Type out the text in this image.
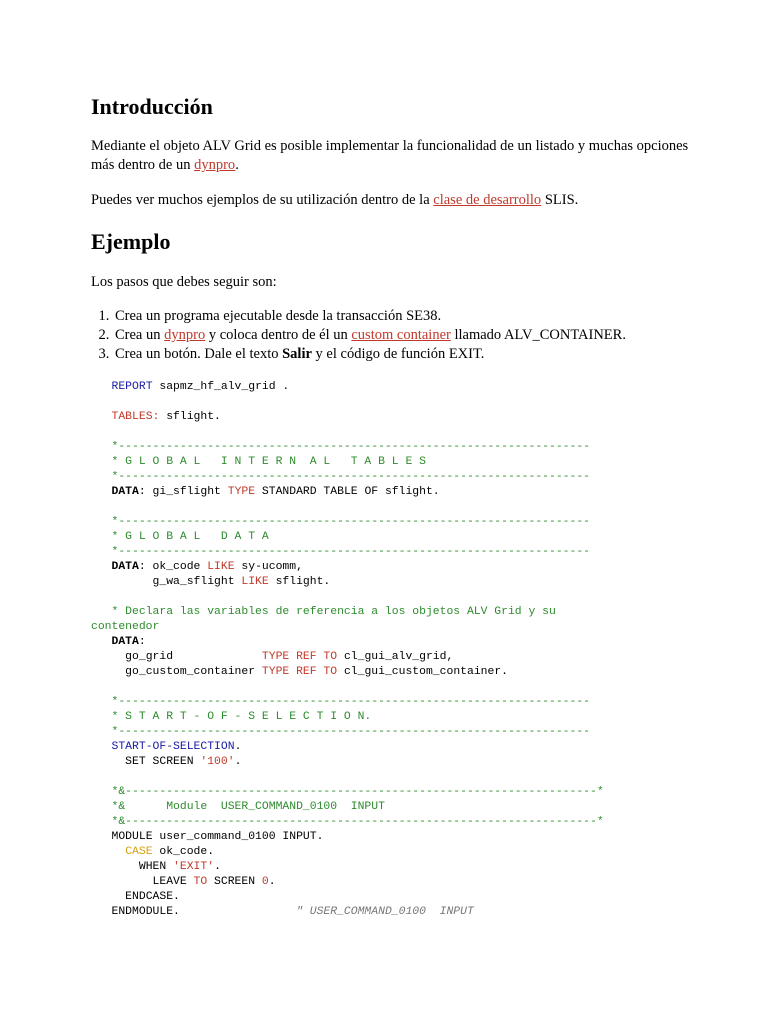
Introducción

Mediante el objeto ALV Grid es posible implementar la funcionalidad de un listado y muchas opciones más dentro de un dynpro.

Puedes ver muchos ejemplos de su utilización dentro de la clase de desarrollo SLIS.

Ejemplo

Los pasos que debes seguir son:

1. Crea un programa ejecutable desde la transacción SE38.
2. Crea un dynpro y coloca dentro de él un custom container llamado ALV_CONTAINER.
3. Crea un botón. Dale el texto Salir y el código de función EXIT.
REPORT sapmz_hf_alv_grid .

TABLES: sflight.

*---------------------------------------------------------------------
* G L O B A L   I N T E R N  A L   T A B L E S
*---------------------------------------------------------------------
DATA: gi_sflight TYPE STANDARD TABLE OF sflight.

*---------------------------------------------------------------------
* G L O B A L   D A T A
*---------------------------------------------------------------------
DATA: ok_code LIKE sy-ucomm,
g_wa_sflight LIKE sflight.

* Declara las variables de referencia a los objetos ALV Grid y su
contenedor
DATA:
go_grid             TYPE REF TO cl_gui_alv_grid,
go_custom_container TYPE REF TO cl_gui_custom_container.

*---------------------------------------------------------------------
* S T A R T - O F - S E L E C T I O N.
*---------------------------------------------------------------------
START-OF-SELECTION.
SET SCREEN '100'.

*&---------------------------------------------------------------------*
*&      Module  USER_COMMAND_0100  INPUT
*&---------------------------------------------------------------------*
MODULE user_command_0100 INPUT.
CASE ok_code.
WHEN 'EXIT'.
LEAVE TO SCREEN 0.
ENDCASE.
ENDMODULE.                 " USER_COMMAND_0100  INPUT
